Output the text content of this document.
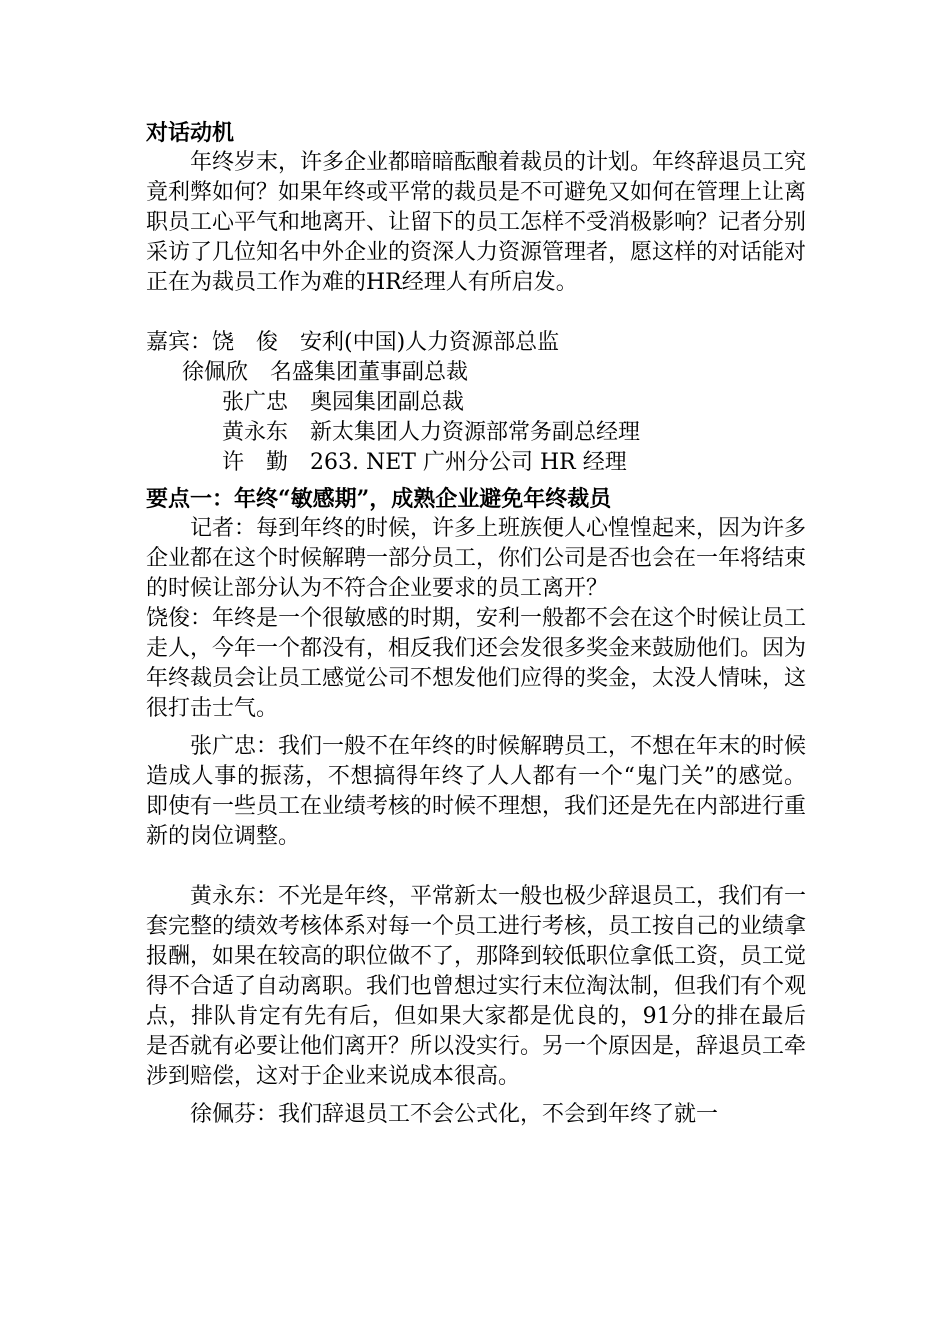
对话动机

年终岁末，许多企业都暗暗酝酿着裁员的计划。年终辞退员工究竟利弊如何？如果年终或平常的裁员是不可避免又如何在管理上让离职员工心平气和地离开、让留下的员工怎样不受消极影响？记者分别采访了几位知名中外企业的资深人力资源管理者，愿这样的对话能对正在为裁员工作为难的HR经理人有所启发。

嘉宾：饶　俊　安利(中国)人力资源部总监

徐佩欣　名盛集团董事副总裁

张广忠　奥园集团副总裁

黄永东　新太集团人力资源部常务副总经理

许　勤　263. NET 广州分公司 HR 经理

要点一：年终“敏感期”，成熟企业避免年终裁员

记者：每到年终的时候，许多上班族便人心惶惶起来，因为许多企业都在这个时候解聘一部分员工，你们公司是否也会在一年将结束的时候让部分认为不符合企业要求的员工离开？

饶俊：年终是一个很敏感的时期，安利一般都不会在这个时候让员工走人，今年一个都没有，相反我们还会发很多奖金来鼓励他们。因为年终裁员会让员工感觉公司不想发他们应得的奖金，太没人情味，这很打击士气。

张广忠：我们一般不在年终的时候解聘员工，不想在年末的时候造成人事的振荡，不想搞得年终了人人都有一个“鬼门关”的感觉。即使有一些员工在业绩考核的时候不理想，我们还是先在内部进行重新的岗位调整。

黄永东：不光是年终，平常新太一般也极少辞退员工，我们有一套完整的绩效考核体系对每一个员工进行考核，员工按自己的业绩拿报酬，如果在较高的职位做不了，那降到较低职位拿低工资，员工觉得不合适了自动离职。我们也曾想过实行末位淘汰制，但我们有个观点，排队肯定有先有后，但如果大家都是优良的，91分的排在最后是否就有必要让他们离开？所以没实行。另一个原因是，辞退员工牵涉到赔偿，这对于企业来说成本很高。

徐佩芬：我们辞退员工不会公式化，不会到年终了就一
